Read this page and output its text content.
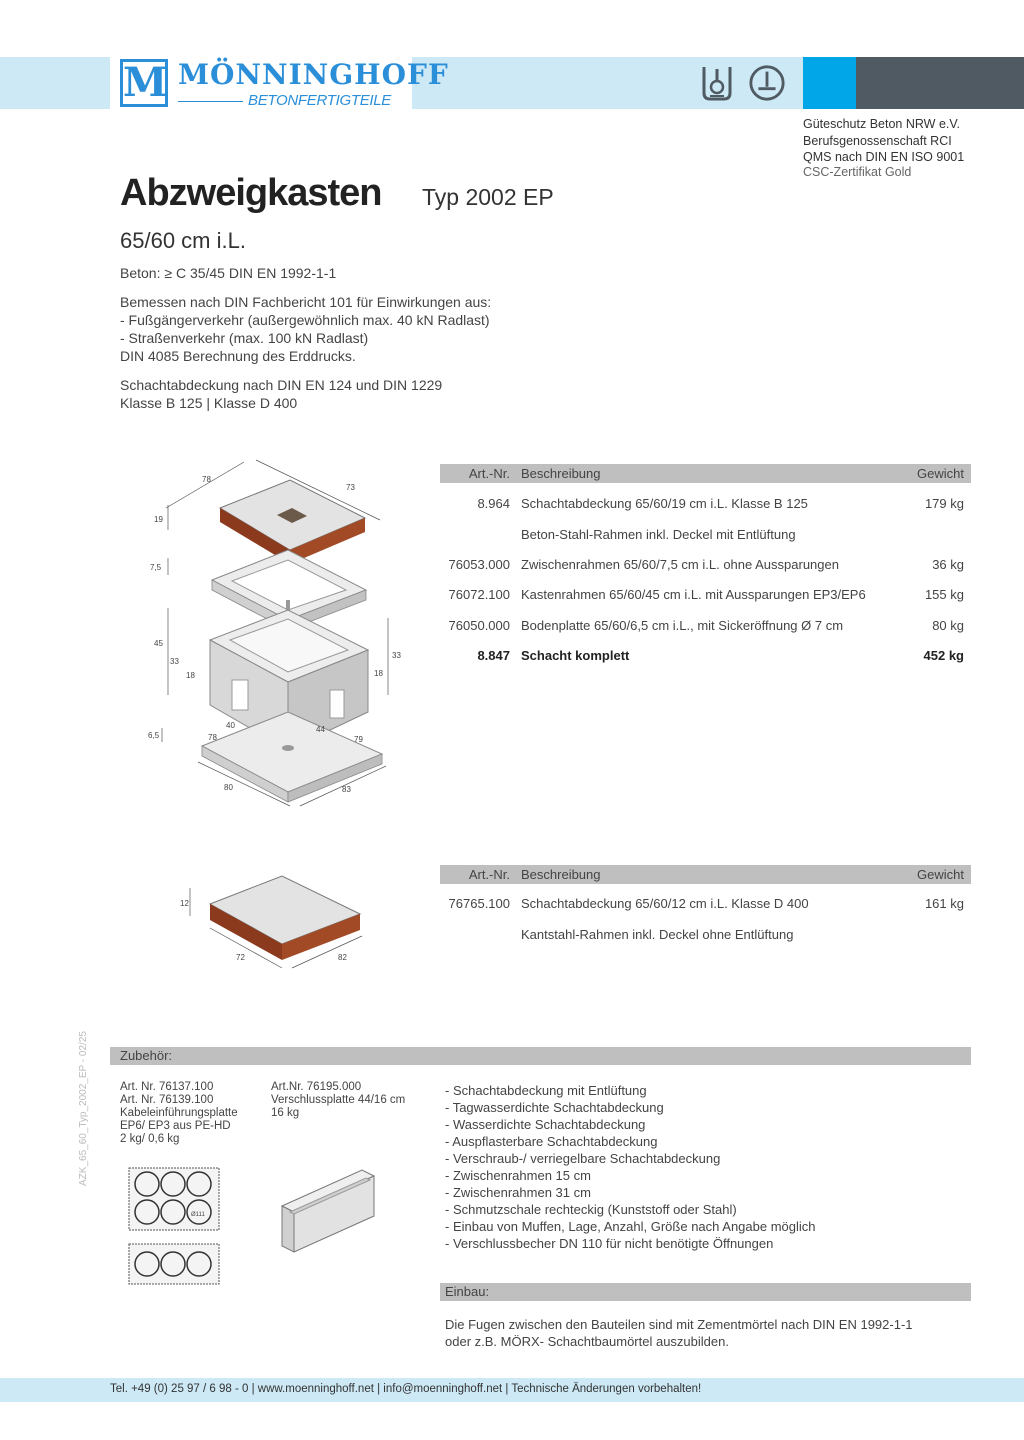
M MÖNNINGHOFF
BETONFERTIGTEILE
Güteschutz Beton NRW e.V.
Berufsgenossenschaft RCI
QMS nach DIN EN ISO 9001
CSC-Zertifikat Gold
Abzweigkasten Typ 2002 EP
65/60 cm i.L.
Beton: ≥ C 35/45 DIN EN 1992-1-1
Bemessen nach DIN Fachbericht 101 für Einwirkungen aus:
- Fußgängerverkehr (außergewöhnlich max. 40 kN Radlast)
- Straßenverkehr (max. 100 kN Radlast)
DIN 4085 Berechnung des Erddrucks.
Schachtabdeckung nach DIN EN 124 und DIN 1229
Klasse B 125 | Klasse D 400
78
73
19
7,5
45
33
33
18	18
6,5
40	44
78	79
80	83
Art.-Nr. Beschreibung	Gewicht
8.964 Schachtabdeckung 65/60/19 cm i.L. Klasse B 125	179 kg
Beton-Stahl-Rahmen inkl. Deckel mit Entlüftung
76053.000 Zwischenrahmen 65/60/7,5 cm i.L. ohne Aussparungen	36 kg
76072.100 Kastenrahmen 65/60/45 cm i.L. mit Aussparungen EP3/EP6	155 kg
76050.000 Bodenplatte 65/60/6,5 cm i.L., mit Sickeröffnung Ø 7 cm	80 kg
8.847 Schacht komplett	452 kg
12
72	82
Art.-Nr. Beschreibung	Gewicht
76765.100 Schachtabdeckung 65/60/12 cm i.L. Klasse D 400	161 kg
Kantstahl-Rahmen inkl. Deckel ohne Entlüftung
Zubehör:
Art. Nr. 76137.100
Art. Nr. 76139.100
Kabeleinführungsplatte
EP6/ EP3 aus PE-HD
2 kg/ 0,6 kg
Art.Nr. 76195.000
Verschlussplatte 44/16 cm
16 kg
Ø111
- Schachtabdeckung mit Entlüftung
- Tagwasserdichte Schachtabdeckung
- Wasserdichte Schachtabdeckung
- Auspflasterbare Schachtabdeckung
- Verschraub-/ verriegelbare Schachtabdeckung
- Zwischenrahmen 15 cm
- Zwischenrahmen 31 cm
- Schmutzschale rechteckig (Kunststoff oder Stahl)
- Einbau von Muffen, Lage, Anzahl, Größe nach Angabe möglich
- Verschlussbecher DN 110 für nicht benötigte Öffnungen
Einbau:
Die Fugen zwischen den Bauteilen sind mit Zementmörtel nach DIN EN 1992-1-1
oder z.B. MÖRX- Schachtbaumörtel auszubilden.
AZK_65_60_Typ_2002_EP - 02/25
Tel. +49 (0) 25 97 / 6 98 - 0 | www.moenninghoff.net | info@moenninghoff.net | Technische Änderungen vorbehalten!
